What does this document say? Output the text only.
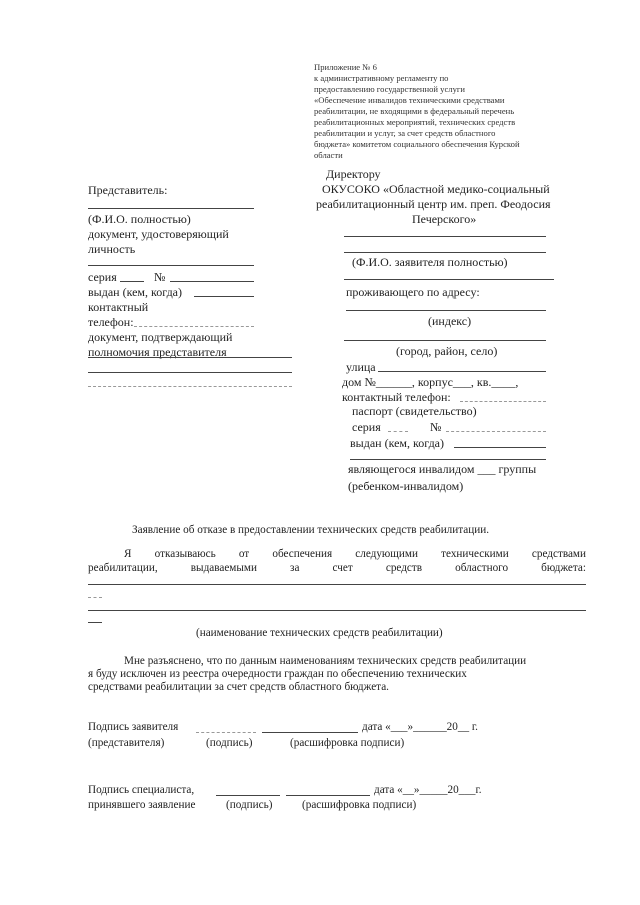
Приложение № 6
к административному регламенту по
предоставлению государственной услуги
«Обеспечение инвалидов техническими средствами
реабилитации, не входящими в федеральный перечень
реабилитационных мероприятий, технических средств
реабилитации и услуг, за счет средств областного
бюджета» комитетом социального обеспечения Курской
области
Директору
ОКУСОКО «Областной медико-социальный
реабилитационный центр им. преп. Феодосия
Печерского»
(Ф.И.О. заявителя полностью)
проживающего по адресу:
(индекс)
(город, район, село)
улица
дом №______, корпус___, кв.____,
контактный телефон:
паспорт (свидетельство)
серия	№
выдан (кем, когда)
являющегося инвалидом ___ группы
(ребенком-инвалидом)
Представитель:
(Ф.И.О. полностью)
документ, удостоверяющий
личность
серия	№
выдан (кем, когда)
контактный
телефон:
документ, подтверждающий
полномочия представителя
Заявление об отказе в предоставлении технических средств реабилитации.
Я отказываюсь от обеспечения следующими техническими средствами
реабилитации,	выдаваемыми	за	счет	средств	областного	бюджета:
(наименование технических средств реабилитации)
Мне разъяснено, что по данным наименованиям технических средств реабилитации
я буду исключен из реестра очередности граждан по обеспечению технических
средствами реабилитации за счет средств областного бюджета.
Подпись заявителя	дата «___»______20__ г.
(представителя)	(подпись)	(расшифровка подписи)
Подпись специалиста,	дата «__»_____20___г.
принявшего заявление	(подпись)	(расшифровка подписи)
